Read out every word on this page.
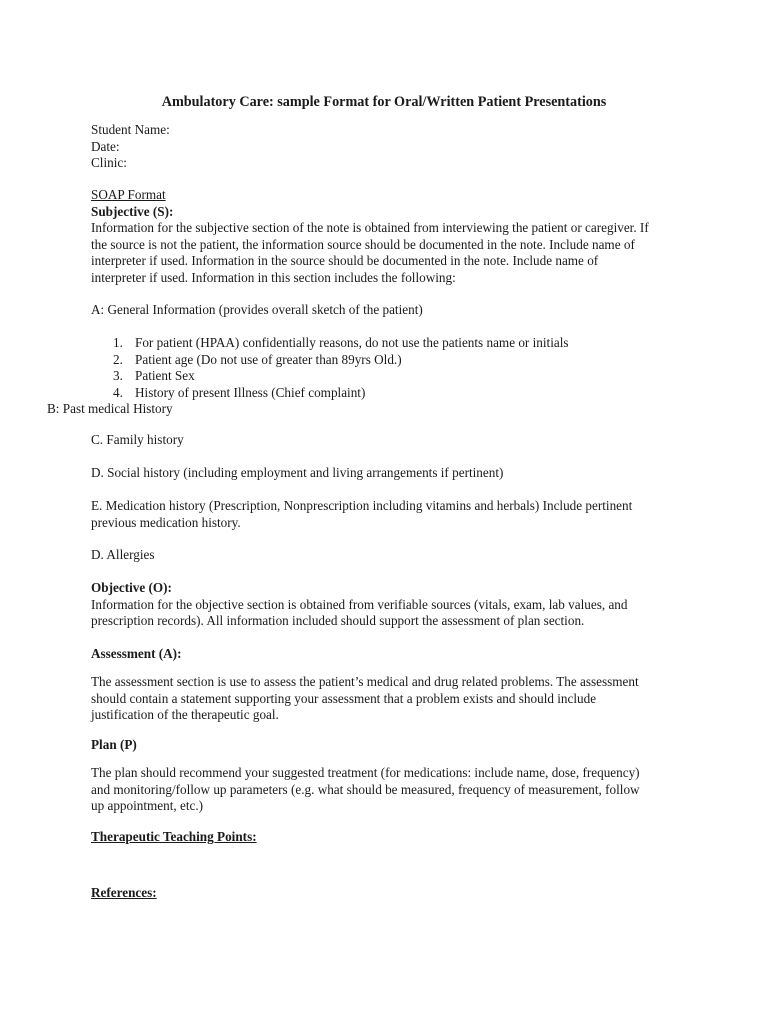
Ambulatory Care: sample Format for Oral/Written Patient Presentations
Student Name:
Date:
Clinic:
SOAP Format
Subjective (S):
Information for the subjective section of the note is obtained from interviewing the patient or caregiver. If
the source is not the patient, the information source should be documented in the note. Include name of
interpreter if used. Information in the source should be documented in the note. Include name of
interpreter if used. Information in this section includes the following:
A: General Information (provides overall sketch of the patient)
1. For patient (HPAA) confidentially reasons, do not use the patients name or initials
2. Patient age (Do not use of greater than 89yrs Old.)
3. Patient Sex
4. History of present Illness (Chief complaint)
B: Past medical History
C. Family history
D. Social history (including employment and living arrangements if pertinent)
E. Medication history (Prescription, Nonprescription including vitamins and herbals) Include pertinent
previous medication history.
D. Allergies
Objective (O):
Information for the objective section is obtained from verifiable sources (vitals, exam, lab values, and
prescription records). All information included should support the assessment of plan section.
Assessment (A):
The assessment section is use to assess the patient’s medical and drug related problems. The assessment
should contain a statement supporting your assessment that a problem exists and should include
justification of the therapeutic goal.
Plan (P)
The plan should recommend your suggested treatment (for medications: include name, dose, frequency)
and monitoring/follow up parameters (e.g. what should be measured, frequency of measurement, follow
up appointment, etc.)
Therapeutic Teaching Points:
References:
